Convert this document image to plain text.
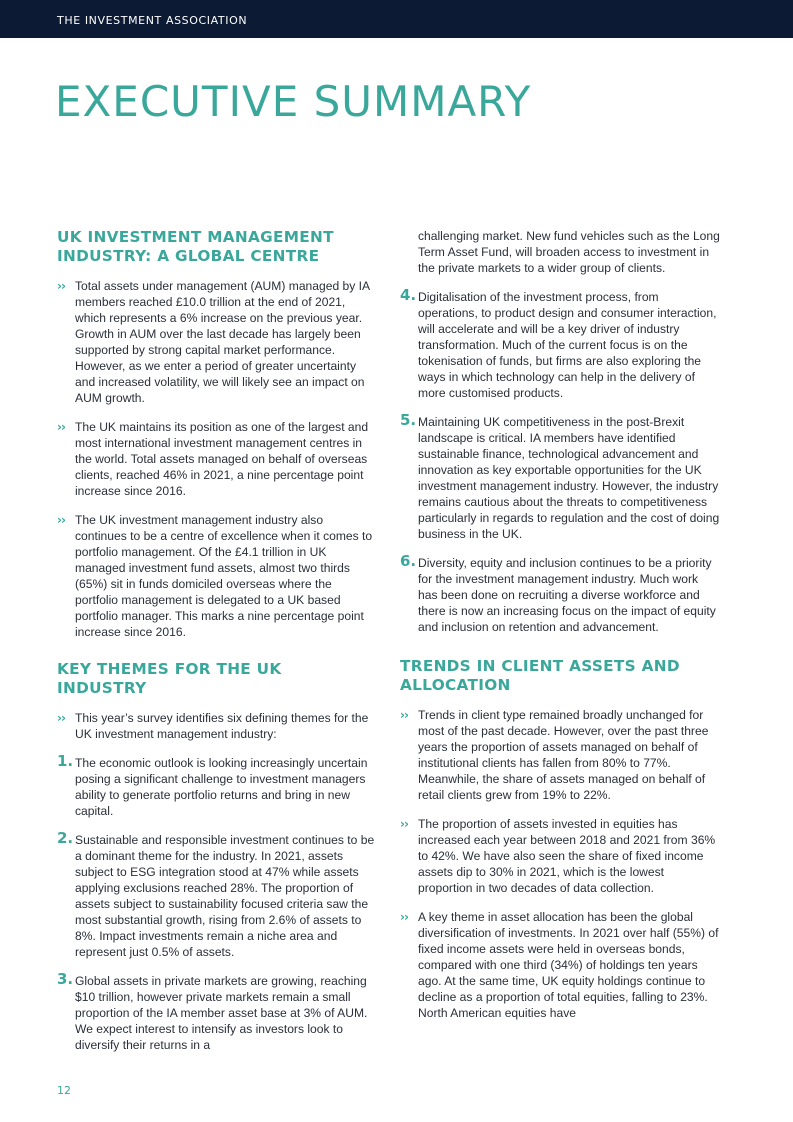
THE INVESTMENT ASSOCIATION
EXECUTIVE SUMMARY
UK INVESTMENT MANAGEMENT INDUSTRY: A GLOBAL CENTRE
›› Total assets under management (AUM) managed by IA members reached £10.0 trillion at the end of 2021, which represents a 6% increase on the previous year. Growth in AUM over the last decade has largely been supported by strong capital market performance. However, as we enter a period of greater uncertainty and increased volatility, we will likely see an impact on AUM growth.

›› The UK maintains its position as one of the largest and most international investment management centres in the world. Total assets managed on behalf of overseas clients, reached 46% in 2021, a nine percentage point increase since 2016.

›› The UK investment management industry also continues to be a centre of excellence when it comes to portfolio management. Of the £4.1 trillion in UK managed investment fund assets, almost two thirds (65%) sit in funds domiciled overseas where the portfolio management is delegated to a UK based portfolio manager. This marks a nine percentage point increase since 2016.

KEY THEMES FOR THE UK INDUSTRY
›› This year’s survey identifies six defining themes for the UK investment management industry:

1. The economic outlook is looking increasingly uncertain posing a significant challenge to investment managers ability to generate portfolio returns and bring in new capital.

2. Sustainable and responsible investment continues to be a dominant theme for the industry. In 2021, assets subject to ESG integration stood at 47% while assets applying exclusions reached 28%. The proportion of assets subject to sustainability focused criteria saw the most substantial growth, rising from 2.6% of assets to 8%. Impact investments remain a niche area and represent just 0.5% of assets.

3. Global assets in private markets are growing, reaching $10 trillion, however private markets remain a small proportion of the IA member asset base at 3% of AUM. We expect interest to intensify as investors look to diversify their returns in a

challenging market. New fund vehicles such as the Long Term Asset Fund, will broaden access to investment in the private markets to a wider group of clients.

4. Digitalisation of the investment process, from operations, to product design and consumer interaction, will accelerate and will be a key driver of industry transformation. Much of the current focus is on the tokenisation of funds, but firms are also exploring the ways in which technology can help in the delivery of more customised products.

5. Maintaining UK competitiveness in the post-Brexit landscape is critical. IA members have identified sustainable finance, technological advancement and innovation as key exportable opportunities for the UK investment management industry. However, the industry remains cautious about the threats to competitiveness particularly in regards to regulation and the cost of doing business in the UK.

6. Diversity, equity and inclusion continues to be a priority for the investment management industry. Much work has been done on recruiting a diverse workforce and there is now an increasing focus on the impact of equity and inclusion on retention and advancement.

TRENDS IN CLIENT ASSETS AND ALLOCATION
›› Trends in client type remained broadly unchanged for most of the past decade. However, over the past three years the proportion of assets managed on behalf of institutional clients has fallen from 80% to 77%. Meanwhile, the share of assets managed on behalf of retail clients grew from 19% to 22%.

›› The proportion of assets invested in equities has increased each year between 2018 and 2021 from 36% to 42%. We have also seen the share of fixed income assets dip to 30% in 2021, which is the lowest proportion in two decades of data collection.

›› A key theme in asset allocation has been the global diversification of investments. In 2021 over half (55%) of fixed income assets were held in overseas bonds, compared with one third (34%) of holdings ten years ago. At the same time, UK equity holdings continue to decline as a proportion of total equities, falling to 23%. North American equities have

12
